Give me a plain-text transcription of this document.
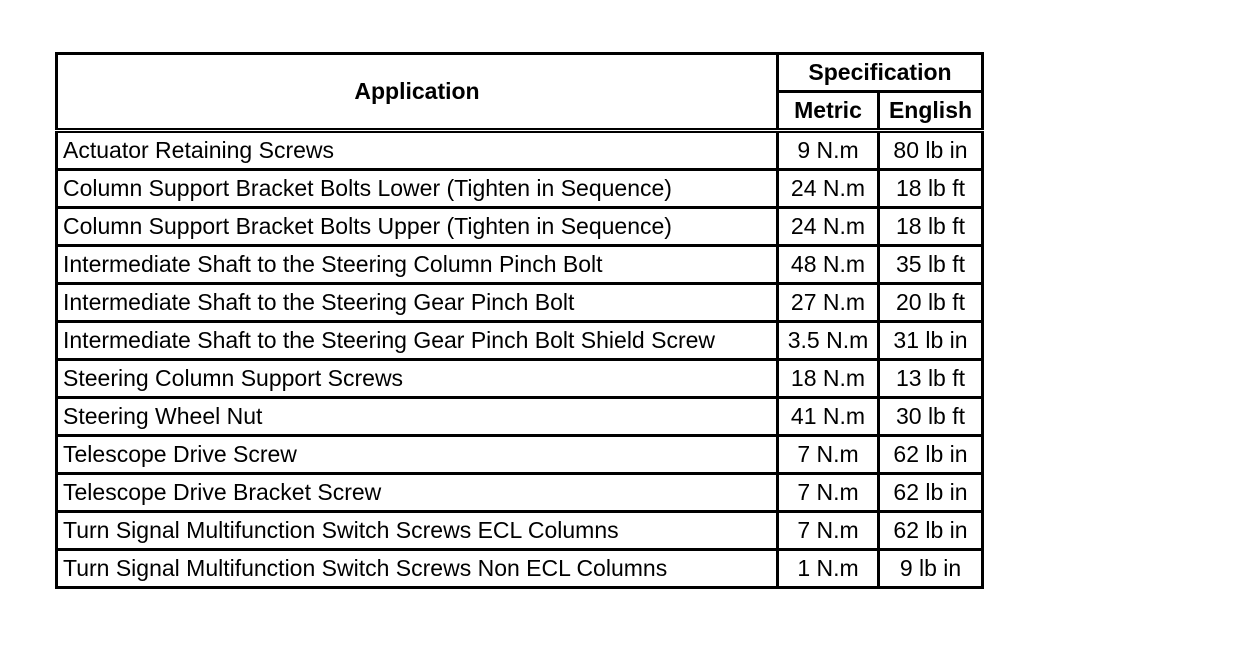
Application	Specification	
	Metric	English
Actuator Retaining Screws	9 N.m	80 lb in
Column Support Bracket Bolts Lower (Tighten in Sequence)	24 N.m	18 lb ft
Column Support Bracket Bolts Upper (Tighten in Sequence)	24 N.m	18 lb ft
Intermediate Shaft to the Steering Column Pinch Bolt	48 N.m	35 lb ft
Intermediate Shaft to the Steering Gear Pinch Bolt	27 N.m	20 lb ft
Intermediate Shaft to the Steering Gear Pinch Bolt Shield Screw	3.5 N.m	31 lb in
Steering Column Support Screws	18 N.m	13 lb ft
Steering Wheel Nut	41 N.m	30 lb ft
Telescope Drive Screw	7 N.m	62 lb in
Telescope Drive Bracket Screw	7 N.m	62 lb in
Turn Signal Multifunction Switch Screws ECL Columns	7 N.m	62 lb in
Turn Signal Multifunction Switch Screws Non ECL Columns	1 N.m	9 lb in
